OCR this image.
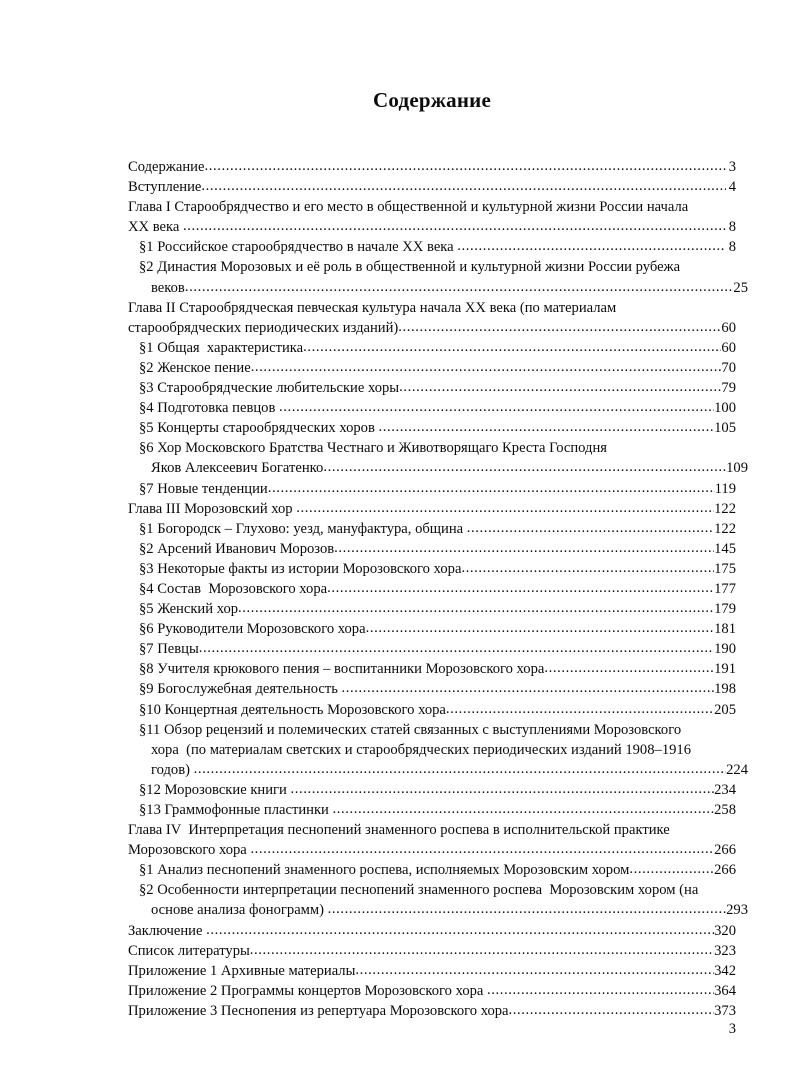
Содержание
Содержание .....	3
Вступление .....	4
Глава I Старообрядчество и его место в общественной и культурной жизни России начала
XX века .....	8
§1 Российское старообрядчество в начале XX века .....	8
§2 Династия Морозовых и её роль в общественной и культурной жизни России рубежа
веков .....	25
Глава II Старообрядческая певческая культура начала XX века (по материалам
старообрядческих периодических изданий) .....	60
§1 Общая  характеристика .....	60
§2 Женское пение .....	70
§3 Старообрядческие любительские хоры .....	79
§4 Подготовка певцов .....	100
§5 Концерты старообрядческих хоров .....	105
§6 Хор Московского Братства Честнаго и Животворящаго Креста Господня
Яков Алексеевич Богатенко .....	109
§7 Новые тенденции .....	119
Глава III Морозовский хор .....	122
§1 Богородск – Глухово: уезд, мануфактура, община .....	122
§2 Арсений Иванович Морозов .....	145
§3 Некоторые факты из истории Морозовского хора .....	175
§4 Состав  Морозовского хора .....	177
§5 Женский хор .....	179
§6 Руководители Морозовского хора .....	181
§7 Певцы .....	190
§8 Учителя крюкового пения – воспитанники Морозовского хора .....	191
§9 Богослужебная деятельность .....	198
§10 Концертная деятельность Морозовского хора .....	205
§11 Обзор рецензий и полемических статей связанных с выступлениями Морозовского
хора  (по материалам светских и старообрядческих периодических изданий 1908–1916
годов) .....	224
§12 Морозовские книги .....	234
§13 Граммофонные пластинки .....	258
Глава IV  Интерпретация песнопений знаменного роспева в исполнительской практике
Морозовского хора .....	266
§1 Анализ песнопений знаменного роспева, исполняемых Морозовским хором .....	266
§2 Особенности интерпретации песнопений знаменного роспева  Морозовским хором (на
основе анализа фонограмм) .....	293
Заключение .....	320
Список литературы .....	323
Приложение 1 Архивные материалы .....	342
Приложение 2 Программы концертов Морозовского хора .....	364
Приложение 3 Песнопения из репертуара Морозовского хора .....	373
3
